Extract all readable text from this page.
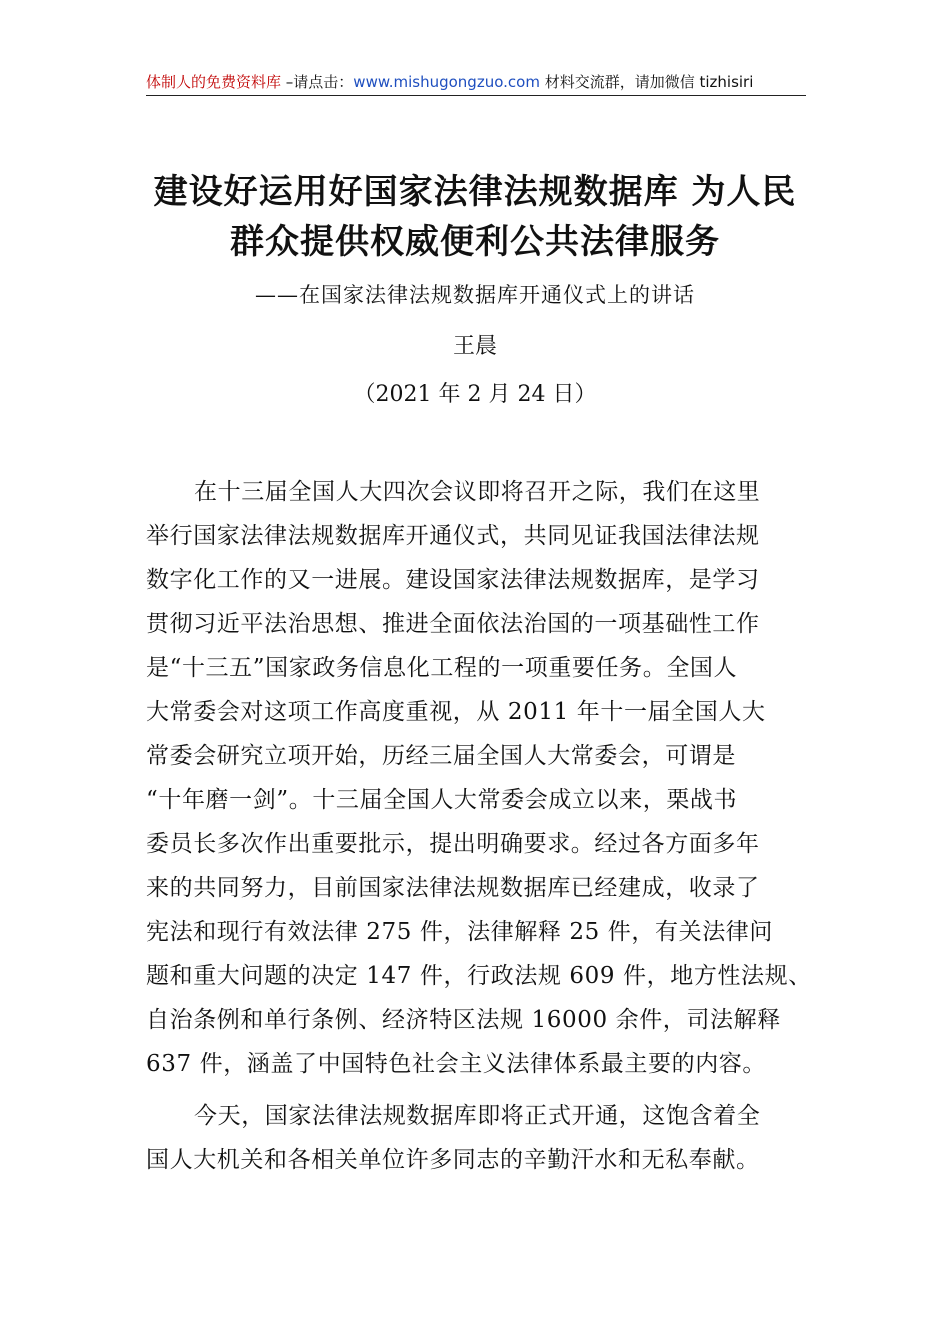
体制人的免费资料库 –请点击：www.mishugongzuo.com 材料交流群，请加微信 tizhisiri
建设好运用好国家法律法规数据库 为人民
群众提供权威便利公共法律服务
——在国家法律法规数据库开通仪式上的讲话
王晨
（2021 年 2 月 24 日）
在十三届全国人大四次会议即将召开之际，我们在这里
举行国家法律法规数据库开通仪式，共同见证我国法律法规
数字化工作的又一进展。建设国家法律法规数据库，是学习
贯彻习近平法治思想、推进全面依法治国的一项基础性工作
是“十三五”国家政务信息化工程的一项重要任务。全国人
大常委会对这项工作高度重视，从 2011 年十一届全国人大
常委会研究立项开始，历经三届全国人大常委会，可谓是
“十年磨一剑”。十三届全国人大常委会成立以来，栗战书
委员长多次作出重要批示，提出明确要求。经过各方面多年
来的共同努力，目前国家法律法规数据库已经建成，收录了
宪法和现行有效法律 275 件，法律解释 25 件，有关法律问
题和重大问题的决定 147 件，行政法规 609 件，地方性法规、
自治条例和单行条例、经济特区法规 16000 余件，司法解释
637 件，涵盖了中国特色社会主义法律体系最主要的内容。
今天，国家法律法规数据库即将正式开通，这饱含着全
国人大机关和各相关单位许多同志的辛勤汗水和无私奉献。
